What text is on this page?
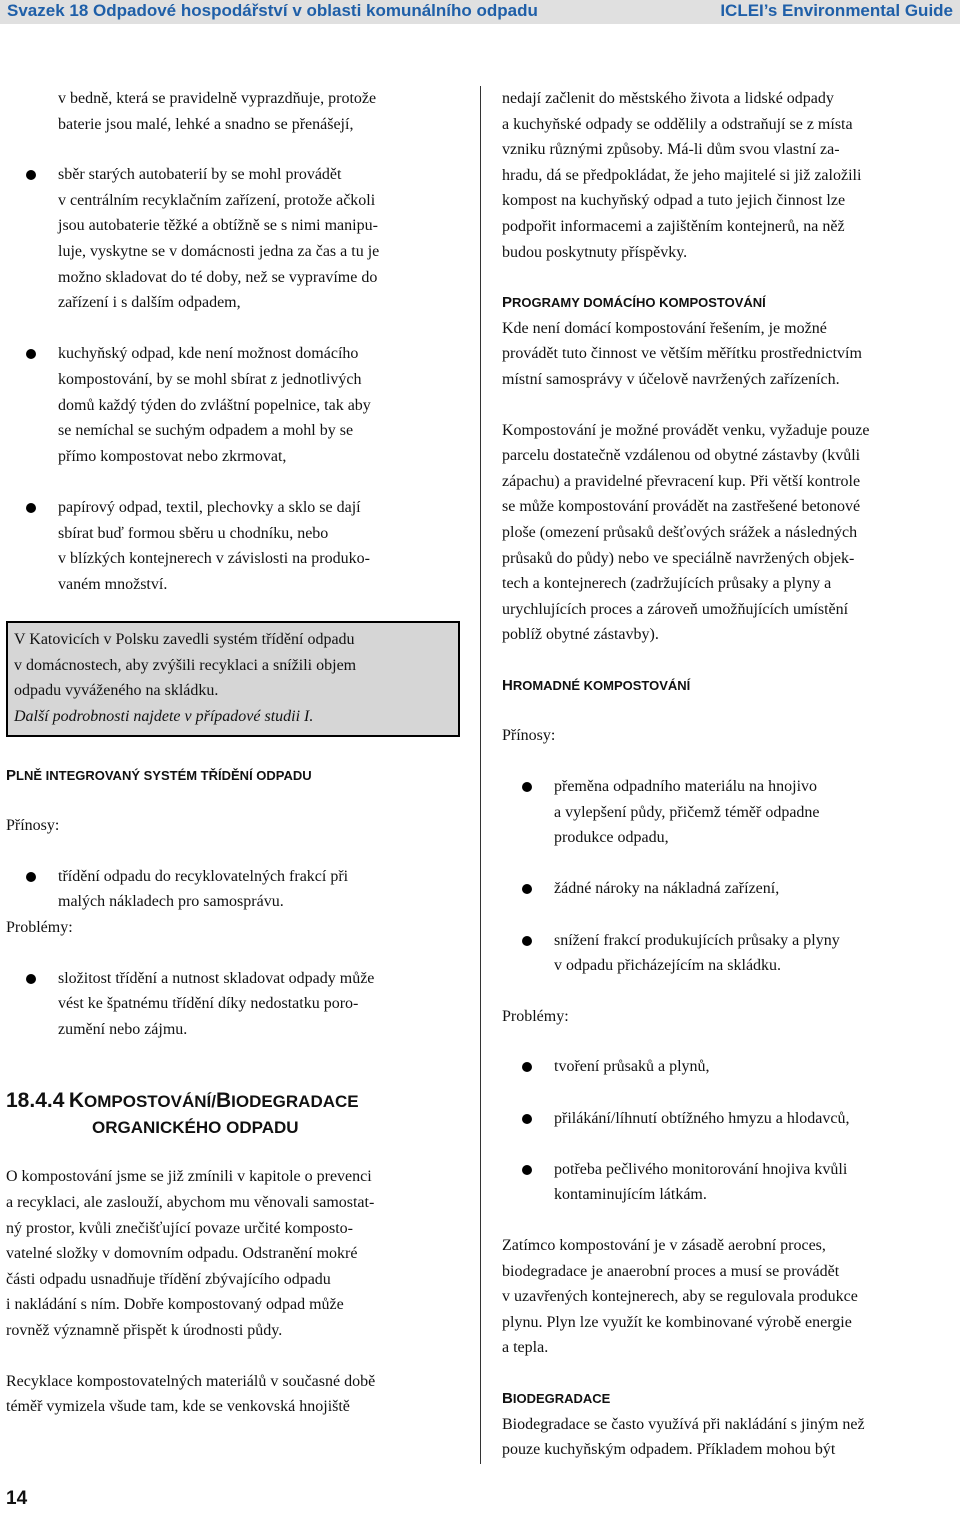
Svazek 18 Odpadové hospodářství v oblasti komunálního odpadu	ICLEI’s Environmental Guide

v bedně, která se pravidelně vyprazdňuje, protože
baterie jsou malé, lehké a snadno se přenášejí,

sběr starých autobaterií by se mohl provádět
v centrálním recyklačním zařízení, protože ačkoli
jsou autobaterie těžké a obtížně se s nimi manipu-
luje, vyskytne se v domácnosti jedna za čas a tu je
možno skladovat do té doby, než se vypravíme do
zařízení i s dalším odpadem,
kuchyňský odpad, kde není možnost domácího
kompostování, by se mohl sbírat z jednotlivých
domů každý týden do zvláštní popelnice, tak aby
se nemíchal se suchým odpadem a mohl by se
přímo kompostovat nebo zkrmovat,
papírový odpad, textil, plechovky a sklo se dají
sbírat buď formou sběru u chodníku, nebo
v blízkých kontejnerech v závislosti na produko-
vaném množství.
V Katovicích v Polsku zavedli systém třídění odpadu
v domácnostech, aby zvýšili recyklaci a snížili objem
odpadu vyváženého na skládku.
Další podrobnosti najdete v případové studii I.

PLNĚ INTEGROVANÝ SYSTÉM TŘÍDĚNÍ ODPADU

Přínosy:

třídění odpadu do recyklovatelných frakcí při
malých nákladech pro samosprávu.

Problémy:

složitost třídění a nutnost skladovat odpady může
vést ke špatnému třídění díky nedostatku poro-
zumění nebo zájmu.

18.4.4 KOMPOSTOVÁNÍ/BIODEGRADACE

ORGANICKÉHO ODPADU

O kompostování jsme se již zmínili v kapitole o prevenci
a recyklaci, ale zaslouží, abychom mu věnovali samostat-
ný prostor, kvůli znečišťující povaze určité komposto-
vatelné složky v domovním odpadu. Odstranění mokré
části odpadu usnadňuje třídění zbývajícího odpadu
i nakládání s ním. Dobře kompostovaný odpad může
rovněž významně přispět k úrodnosti půdy.

Recyklace kompostovatelných materiálů v současné době
téměř vymizela všude tam, kde se venkovská hnojiště

nedají začlenit do městského života a lidské odpady
a kuchyňské odpady se oddělily a odstraňují se z místa
vzniku různými způsoby. Má-li dům svou vlastní za-
hradu, dá se předpokládat, že jeho majitelé si již založili
kompost na kuchyňský odpad a tuto jejich činnost lze
podpořit informacemi a zajištěním kontejnerů, na něž
budou poskytnuty příspěvky.

PROGRAMY DOMÁCÍHO KOMPOSTOVÁNÍ

Kde není domácí kompostování řešením, je možné
provádět tuto činnost ve větším měřítku prostřednictvím
místní samosprávy v účelově navržených zařízeních.

Kompostování je možné provádět venku, vyžaduje pouze
parcelu dostatečně vzdálenou od obytné zástavby (kvůli
zápachu) a pravidelné převracení kup. Při větší kontrole
se může kompostování provádět na zastřešené betonové
ploše (omezení průsaků dešťových srážek a následných
průsaků do půdy) nebo ve speciálně navržených objek-
tech a kontejnerech (zadržujících průsaky a plyny a
urychlujících proces a zároveň umožňujících umístění
poblíž obytné zástavby).

HROMADNÉ KOMPOSTOVÁNÍ

Přínosy:

přeměna odpadního materiálu na hnojivo
a vylepšení půdy, přičemž téměř odpadne
produkce odpadu,
žádné nároky na nákladná zařízení,
snížení frakcí produkujících průsaky a plyny
v odpadu přicházejícím na skládku.

Problémy:

tvoření průsaků a plynů,
přilákání/líhnutí obtížného hmyzu a hlodavců,
potřeba pečlivého monitorování hnojiva kvůli
kontaminujícím látkám.

Zatímco kompostování je v zásadě aerobní proces,
biodegradace je anaerobní proces a musí se provádět
v uzavřených kontejnerech, aby se regulovala produkce
plynu. Plyn lze využít ke kombinované výrobě energie
a tepla.

BIODEGRADACE

Biodegradace se často využívá při nakládání s jiným než
pouze kuchyňským odpadem. Příkladem mohou být

14
